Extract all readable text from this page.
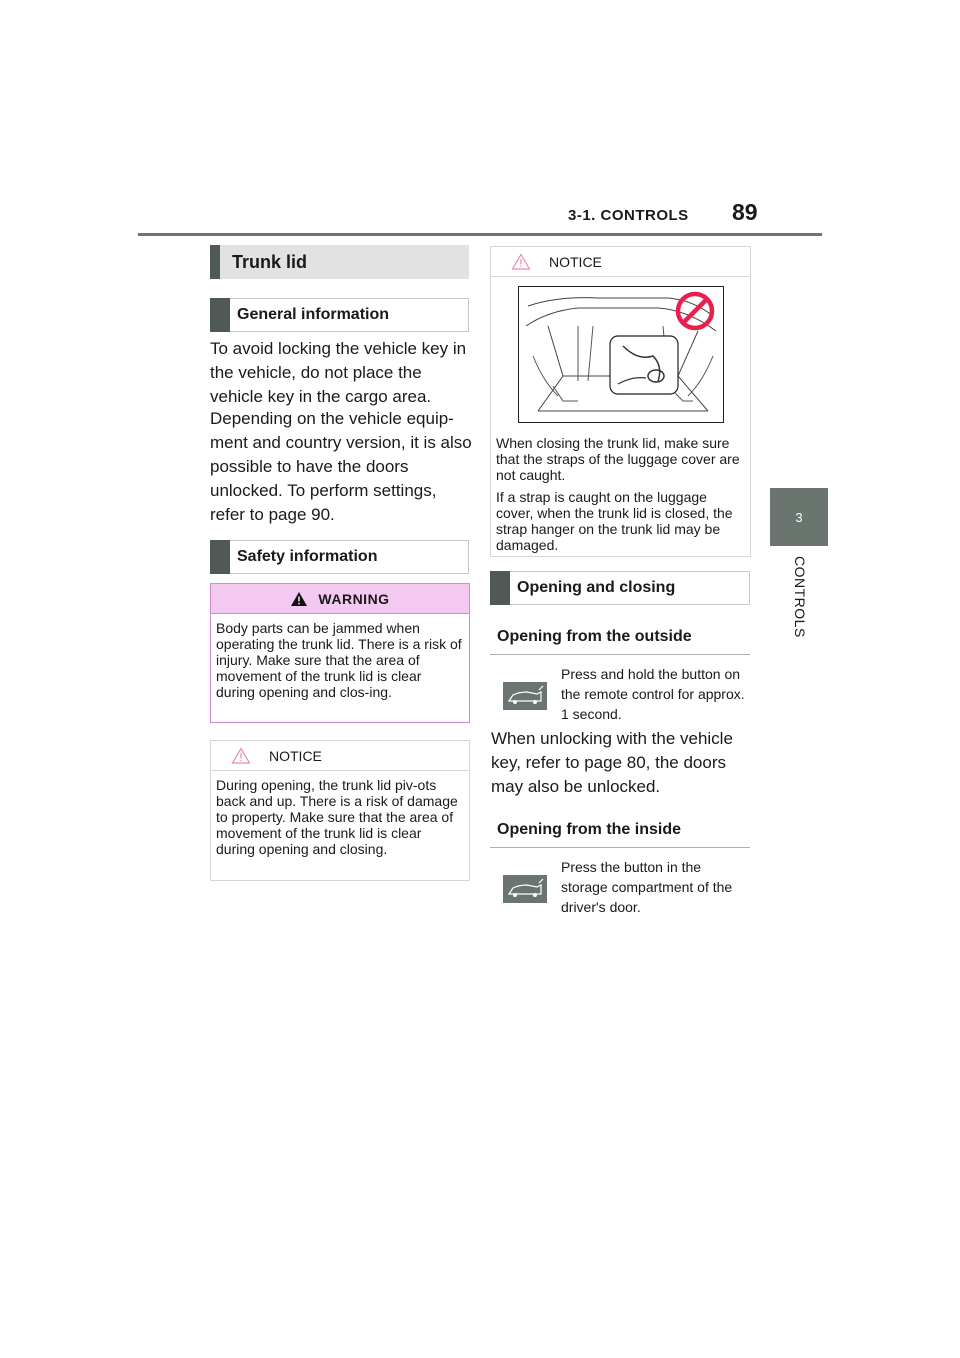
3-1. CONTROLS 89
3
CONTROLS
Trunk lid
General information
To avoid locking the vehicle key in the vehicle, do not place the vehicle key in the cargo area.
Depending on the vehicle equip-ment and country version, it is also possible to have the doors unlocked. To perform settings, refer to page 90.
Safety information
WARNING
Body parts can be jammed when operating the trunk lid. There is a risk of injury. Make sure that the area of movement of the trunk lid is clear during opening and clos-ing.
NOTICE
During opening, the trunk lid piv-ots back and up. There is a risk of damage to property. Make sure that the area of movement of the trunk lid is clear during opening and closing.
NOTICE
When closing the trunk lid, make sure that the straps of the luggage cover are not caught.
If a strap is caught on the luggage cover, when the trunk lid is closed, the strap hanger on the trunk lid may be damaged.
Opening and closing
Opening from the outside
Press and hold the button on the remote control for approx. 1 second.
When unlocking with the vehicle key, refer to page 80, the doors may also be unlocked.
Opening from the inside
Press the button in the storage compartment of the driver's door.
